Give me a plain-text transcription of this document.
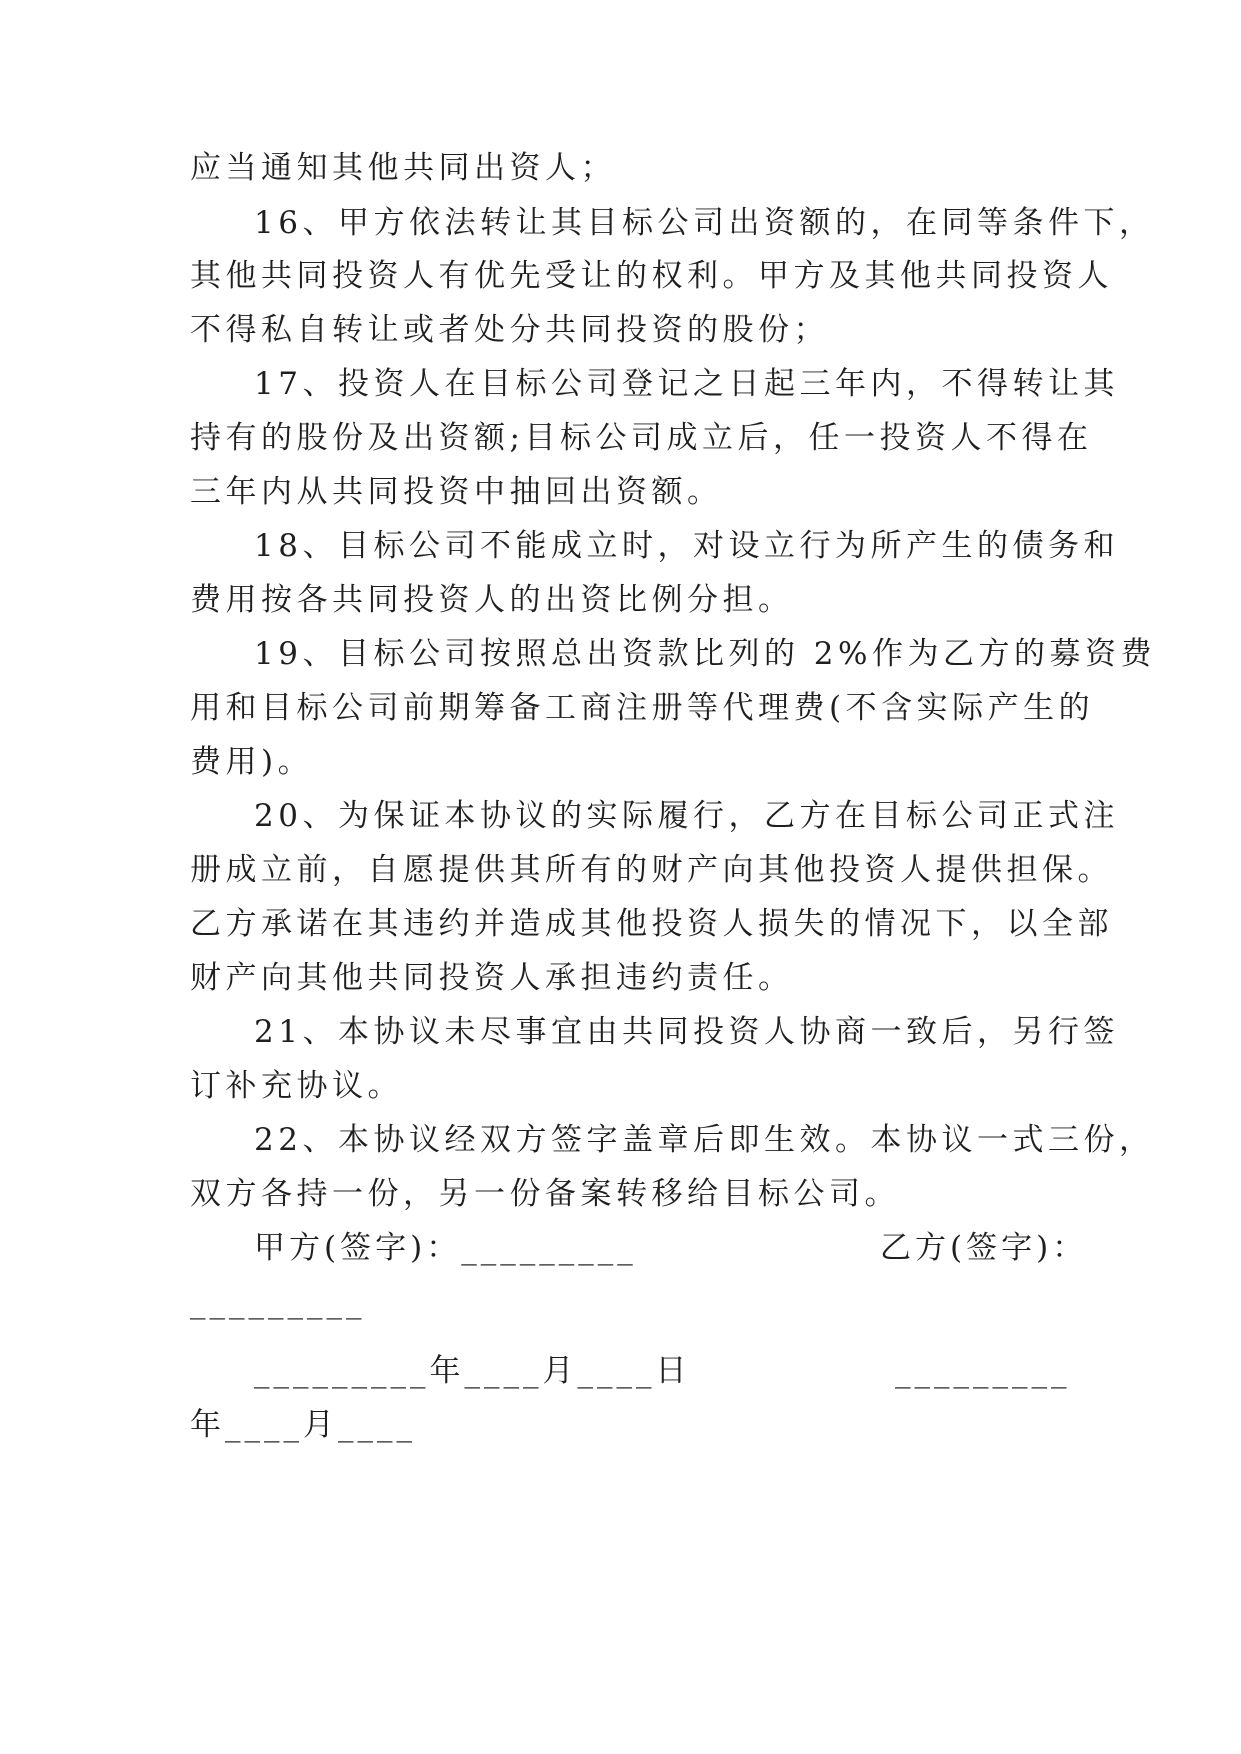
应当通知其他共同出资人；
16、甲方依法转让其目标公司出资额的，在同等条件下，
其他共同投资人有优先受让的权利。甲方及其他共同投资人
不得私自转让或者处分共同投资的股份；
17、投资人在目标公司登记之日起三年内，不得转让其
持有的股份及出资额;目标公司成立后，任一投资人不得在
三年内从共同投资中抽回出资额。
18、目标公司不能成立时，对设立行为所产生的债务和
费用按各共同投资人的出资比例分担。
19、目标公司按照总出资款比列的 2%作为乙方的募资费
用和目标公司前期筹备工商注册等代理费(不含实际产生的
费用)。
20、为保证本协议的实际履行，乙方在目标公司正式注
册成立前，自愿提供其所有的财产向其他投资人提供担保。
乙方承诺在其违约并造成其他投资人损失的情况下，以全部
财产向其他共同投资人承担违约责任。
21、本协议未尽事宜由共同投资人协商一致后，另行签
订补充协议。
22、本协议经双方签字盖章后即生效。本协议一式三份，
双方各持一份，另一份备案转移给目标公司。
甲方(签字)：_________	乙方(签字)：
_________
_________年____月____日	_________
年____月____
